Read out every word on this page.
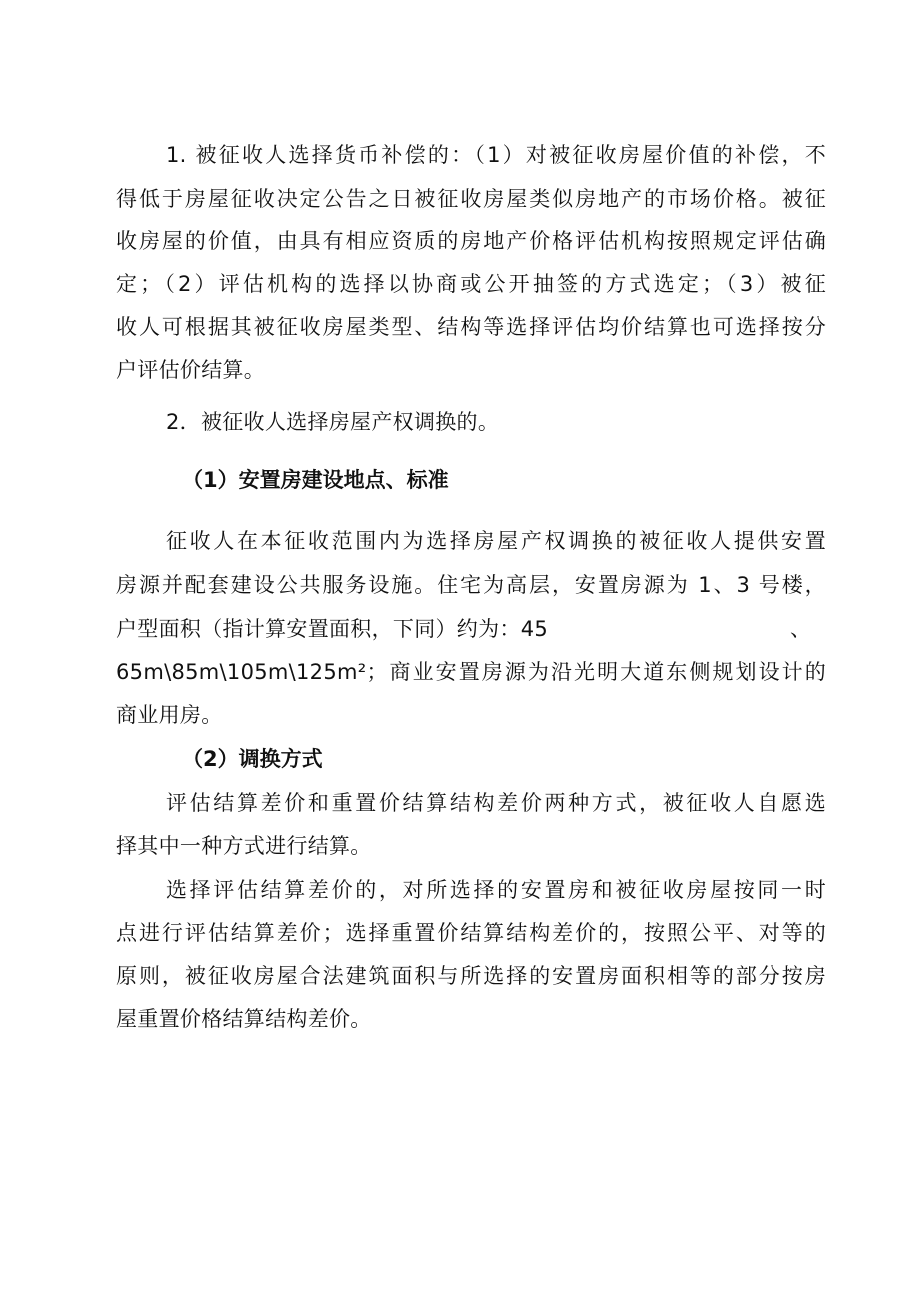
1. 被征收人选择货币补偿的：（1）对被征收房屋价值的补偿，不
得低于房屋征收决定公告之日被征收房屋类似房地产的市场价格。被征
收房屋的价值，由具有相应资质的房地产价格评估机构按照规定评估确
定；（2）评估机构的选择以协商或公开抽签的方式选定；（3）被征
收人可根据其被征收房屋类型、结构等选择评估均价结算也可选择按分
户评估价结算。
2．被征收人选择房屋产权调换的。
（1）安置房建设地点、标准
征收人在本征收范围内为选择房屋产权调换的被征收人提供安置
房源并配套建设公共服务设施。住宅为高层，安置房源为 1、3 号楼，
户型面积（指计算安置面积，下同）约为：45	、
65m\85m\105m\125m²；商业安置房源为沿光明大道东侧规划设计的
商业用房。
（2）调换方式
评估结算差价和重置价结算结构差价两种方式，被征收人自愿选
择其中一种方式进行结算。
选择评估结算差价的，对所选择的安置房和被征收房屋按同一时
点进行评估结算差价；选择重置价结算结构差价的，按照公平、对等的
原则，被征收房屋合法建筑面积与所选择的安置房面积相等的部分按房
屋重置价格结算结构差价。
